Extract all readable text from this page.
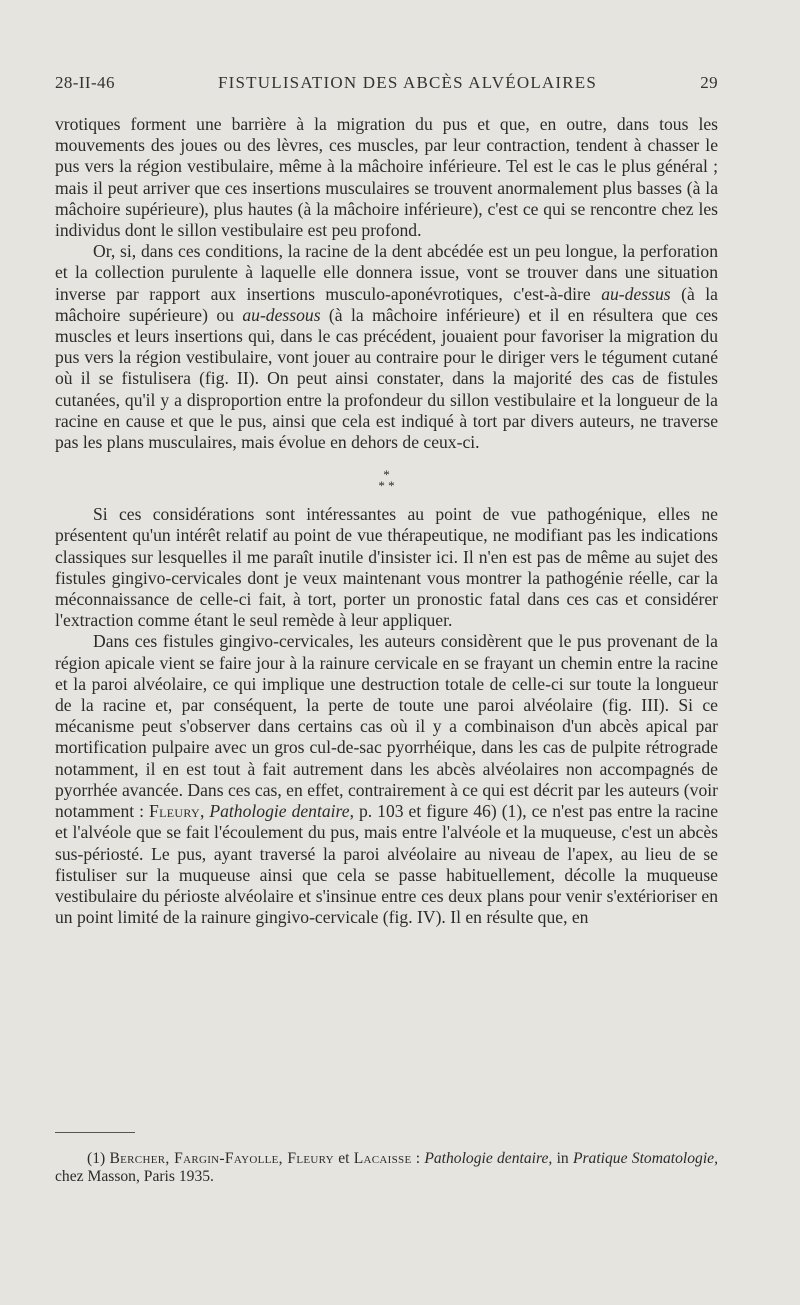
28-II-46	FISTULISATION DES ABCÈS ALVÉOLAIRES	29

vrotiques forment une barrière à la migration du pus et que, en outre, dans tous les mouvements des joues ou des lèvres, ces muscles, par leur contraction, tendent à chasser le pus vers la région vestibulaire, même à la mâchoire inférieure. Tel est le cas le plus général ; mais il peut arriver que ces insertions musculaires se trouvent anormalement plus basses (à la mâchoire supérieure), plus hautes (à la mâchoire inférieure), c'est ce qui se rencontre chez les individus dont le sillon vestibulaire est peu profond.

Or, si, dans ces conditions, la racine de la dent abcédée est un peu longue, la perforation et la collection purulente à laquelle elle donnera issue, vont se trouver dans une situation inverse par rapport aux insertions musculo-aponévrotiques, c'est-à-dire au-dessus (à la mâchoire supérieure) ou au-dessous (à la mâchoire inférieure) et il en résultera que ces muscles et leurs insertions qui, dans le cas précédent, jouaient pour favoriser la migration du pus vers la région vestibulaire, vont jouer au contraire pour le diriger vers le tégument cutané où il se fistulisera (fig. II). On peut ainsi constater, dans la majorité des cas de fistules cutanées, qu'il y a disproportion entre la profondeur du sillon vestibulaire et la longueur de la racine en cause et que le pus, ainsi que cela est indiqué à tort par divers auteurs, ne traverse pas les plans musculaires, mais évolue en dehors de ceux-ci.

*
* *

Si ces considérations sont intéressantes au point de vue pathogénique, elles ne présentent qu'un intérêt relatif au point de vue thérapeutique, ne modifiant pas les indications classiques sur lesquelles il me paraît inutile d'insister ici. Il n'en est pas de même au sujet des fistules gingivo-cervicales dont je veux maintenant vous montrer la pathogénie réelle, car la méconnaissance de celle-ci fait, à tort, porter un pronostic fatal dans ces cas et considérer l'extraction comme étant le seul remède à leur appliquer.

Dans ces fistules gingivo-cervicales, les auteurs considèrent que le pus provenant de la région apicale vient se faire jour à la rainure cervicale en se frayant un chemin entre la racine et la paroi alvéolaire, ce qui implique une destruction totale de celle-ci sur toute la longueur de la racine et, par conséquent, la perte de toute une paroi alvéolaire (fig. III). Si ce mécanisme peut s'observer dans certains cas où il y a combinaison d'un abcès apical par mortification pulpaire avec un gros cul-de-sac pyorrhéique, dans les cas de pulpite rétrograde notamment, il en est tout à fait autrement dans les abcès alvéolaires non accompagnés de pyorrhée avancée. Dans ces cas, en effet, contrairement à ce qui est décrit par les auteurs (voir notamment : Fleury, Pathologie dentaire, p. 103 et figure 46) (1), ce n'est pas entre la racine et l'alvéole que se fait l'écoulement du pus, mais entre l'alvéole et la muqueuse, c'est un abcès sus-périosté. Le pus, ayant traversé la paroi alvéolaire au niveau de l'apex, au lieu de se fistuliser sur la muqueuse ainsi que cela se passe habituellement, décolle la muqueuse vestibulaire du périoste alvéolaire et s'insinue entre ces deux plans pour venir s'extérioriser en un point limité de la rainure gingivo-cervicale (fig. IV). Il en résulte que, en

(1) Bercher, Fargin-Fayolle, Fleury et Lacaisse : Pathologie dentaire, in Pratique Stomatologie, chez Masson, Paris 1935.
